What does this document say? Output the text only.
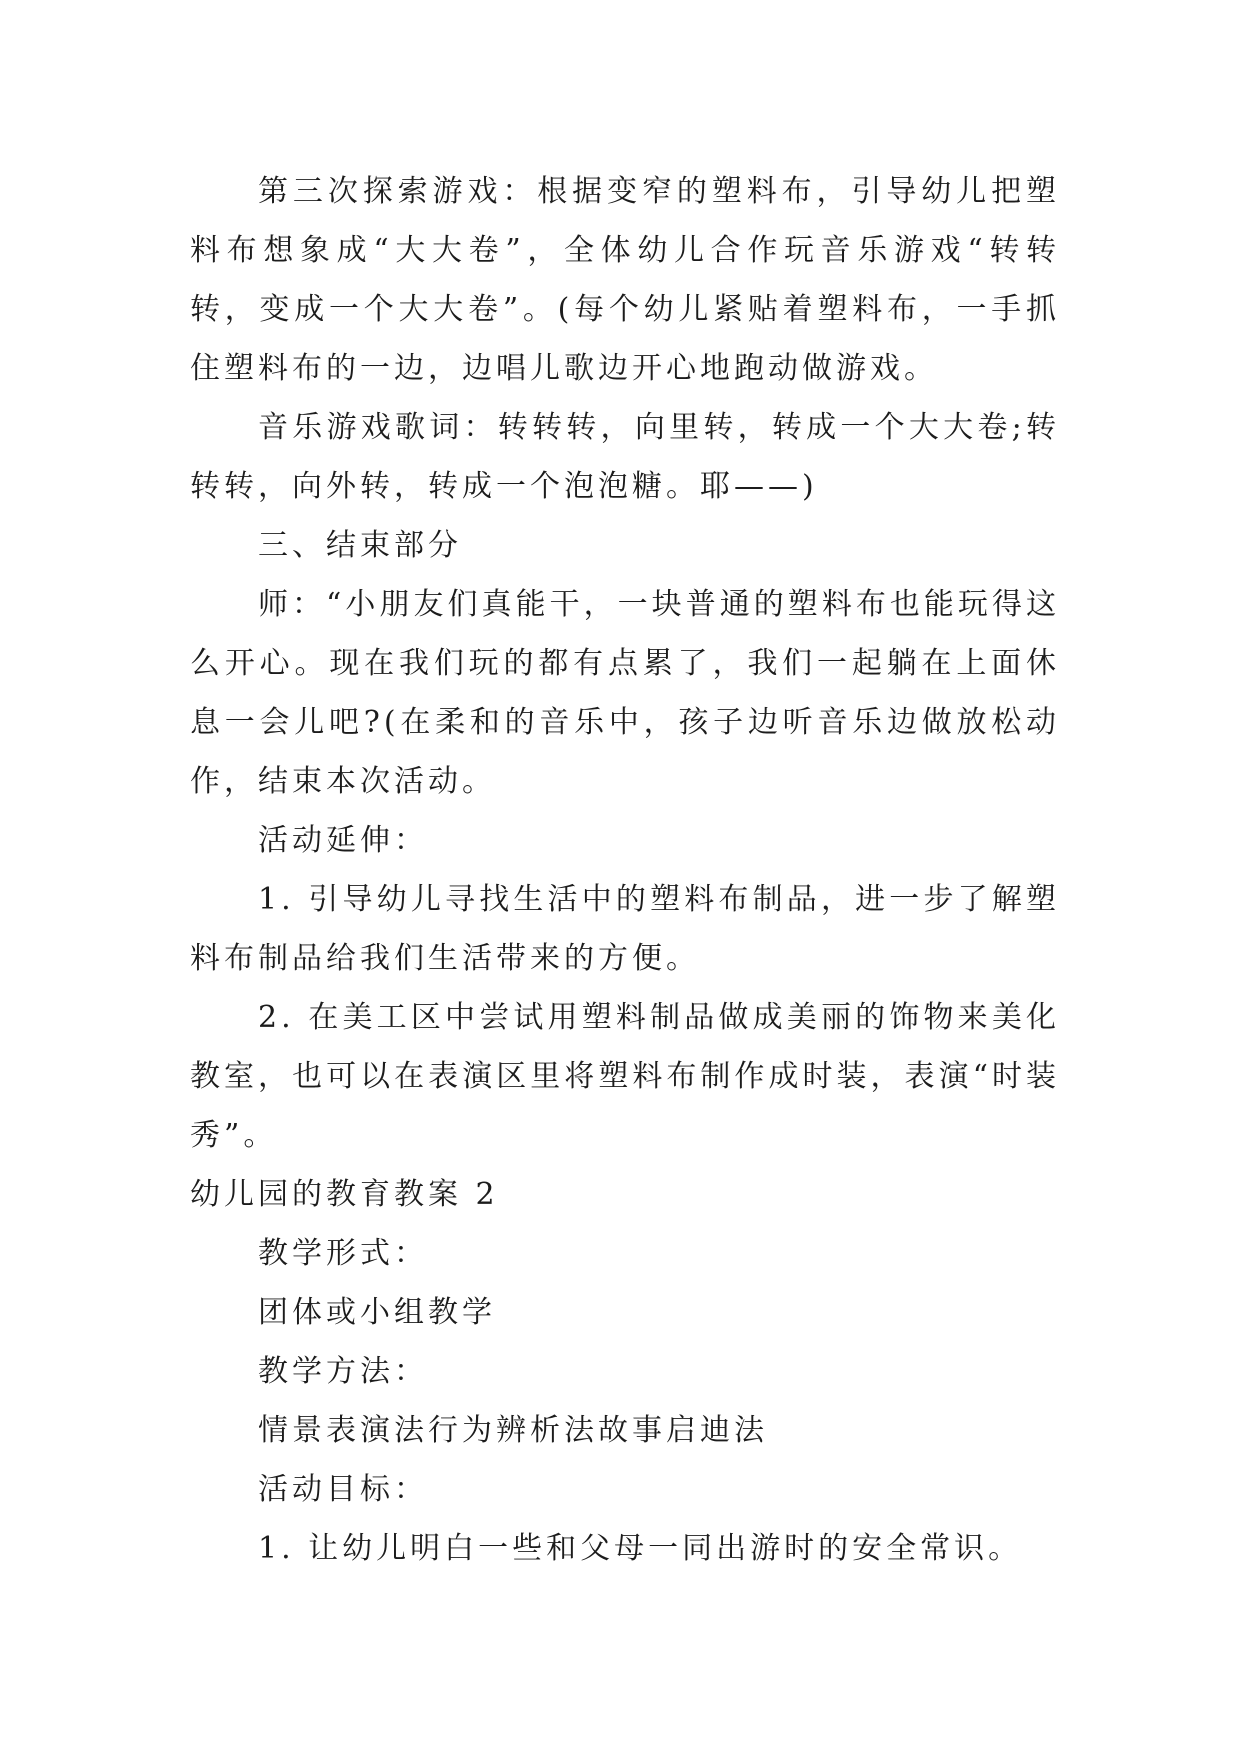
第三次探索游戏：根据变窄的塑料布，引导幼儿把塑料布想象成“大大卷”，全体幼儿合作玩音乐游戏“转转转，变成一个大大卷”。(每个幼儿紧贴着塑料布，一手抓住塑料布的一边，边唱儿歌边开心地跑动做游戏。

音乐游戏歌词：转转转，向里转，转成一个大大卷;转转转，向外转，转成一个泡泡糖。耶——)

三、结束部分

师：“小朋友们真能干，一块普通的塑料布也能玩得这么开心。现在我们玩的都有点累了，我们一起躺在上面休息一会儿吧?(在柔和的音乐中，孩子边听音乐边做放松动作，结束本次活动。

活动延伸：

1. 引导幼儿寻找生活中的塑料布制品，进一步了解塑料布制品给我们生活带来的方便。

2. 在美工区中尝试用塑料制品做成美丽的饰物来美化教室，也可以在表演区里将塑料布制作成时装，表演“时装秀”。

幼儿园的教育教案 2

教学形式：

团体或小组教学

教学方法：

情景表演法行为辨析法故事启迪法

活动目标：

1. 让幼儿明白一些和父母一同出游时的安全常识。
